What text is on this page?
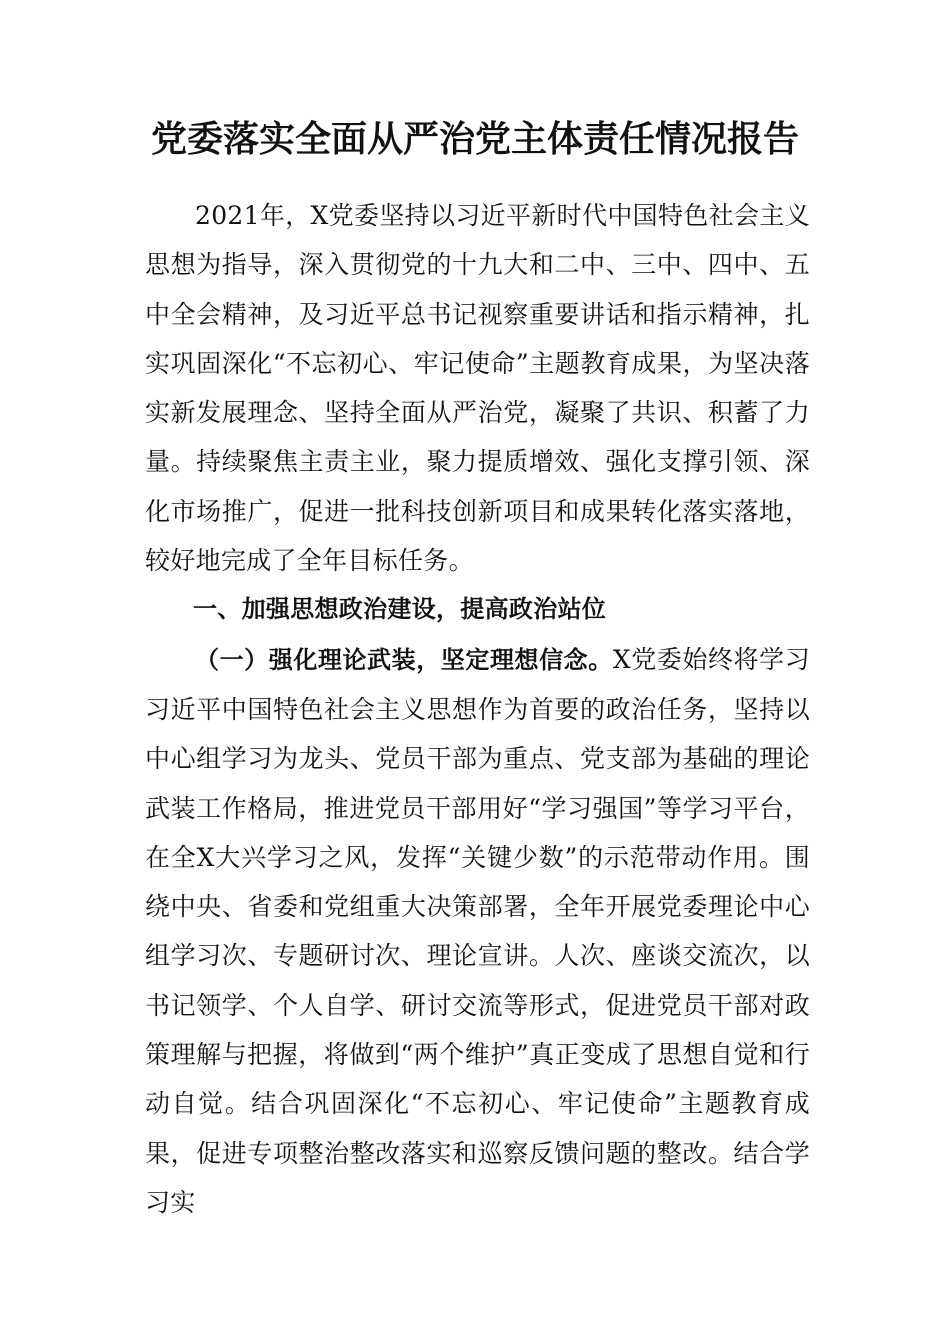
党委落实全面从严治党主体责任情况报告

2021年，X党委坚持以习近平新时代中国特色社会主义思想为指导，深入贯彻党的十九大和二中、三中、四中、五中全会精神，及习近平总书记视察重要讲话和指示精神，扎实巩固深化“不忘初心、牢记使命”主题教育成果，为坚决落实新发展理念、坚持全面从严治党，凝聚了共识、积蓄了力量。持续聚焦主责主业，聚力提质增效、强化支撑引领、深化市场推广，促进一批科技创新项目和成果转化落实落地，较好地完成了全年目标任务。

一、加强思想政治建设，提高政治站位

（一）强化理论武装，坚定理想信念。X党委始终将学习习近平中国特色社会主义思想作为首要的政治任务，坚持以中心组学习为龙头、党员干部为重点、党支部为基础的理论武装工作格局，推进党员干部用好“学习强国”等学习平台，在全X大兴学习之风，发挥“关键少数”的示范带动作用。围绕中央、省委和党组重大决策部署，全年开展党委理论中心组学习次、专题研讨次、理论宣讲。人次、座谈交流次，以书记领学、个人自学、研讨交流等形式，促进党员干部对政策理解与把握，将做到“两个维护”真正变成了思想自觉和行动自觉。结合巩固深化“不忘初心、牢记使命”主题教育成果，促进专项整治整改落实和巡察反馈问题的整改。结合学习实
